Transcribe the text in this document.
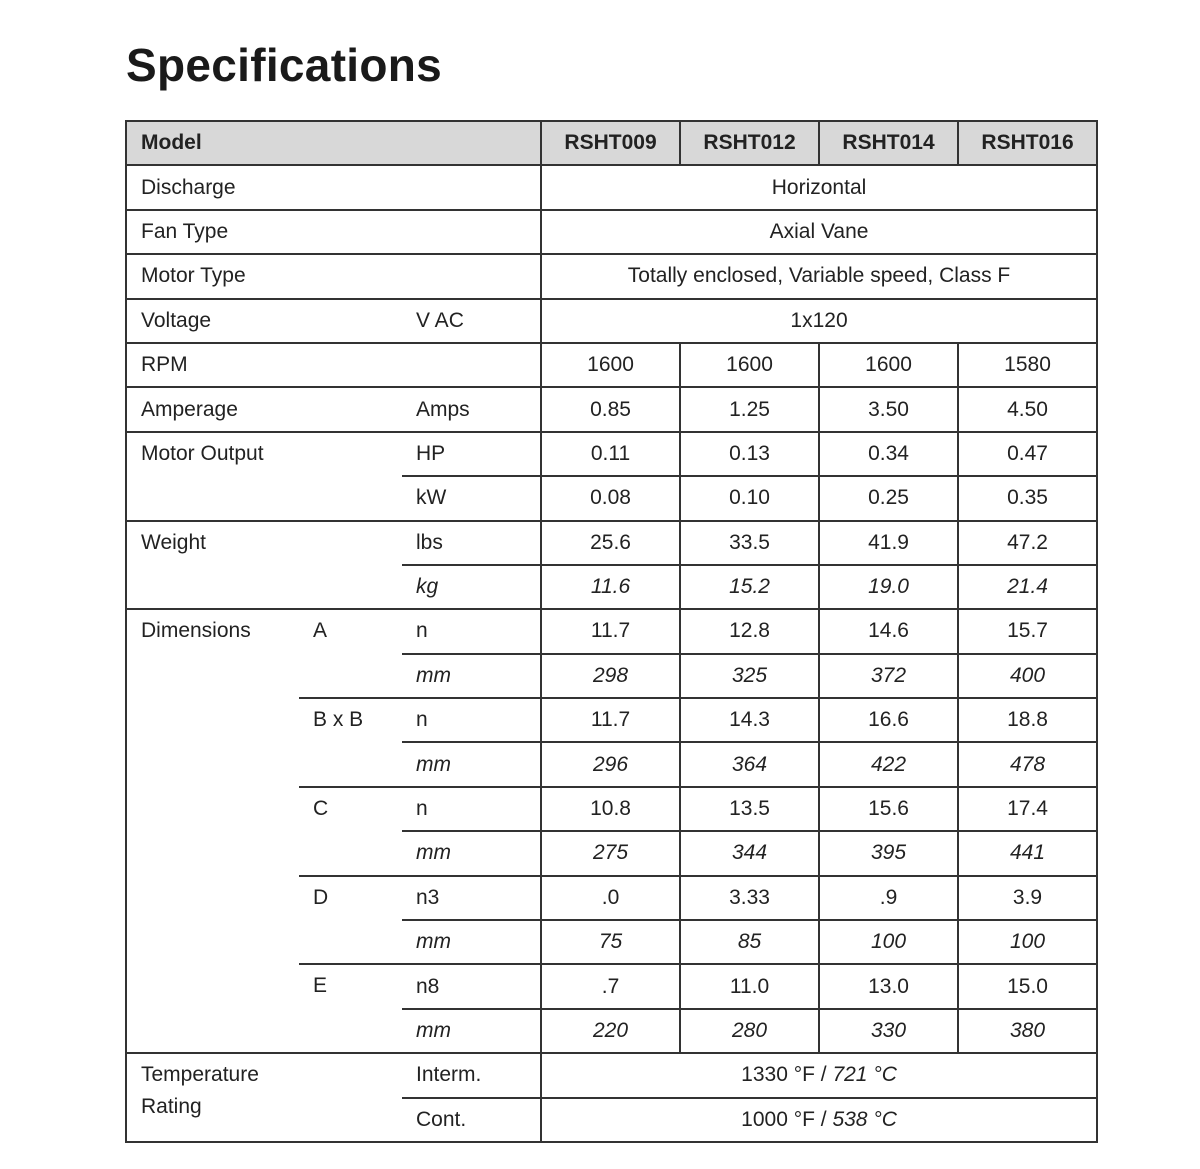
Specifications
Model			RSHT009	RSHT012	RSHT014	RSHT016
Discharge			Horizontal			
Fan Type			Axial Vane			
Motor Type			Totally enclosed, Variable speed, Class F			
Voltage		V AC	1x120			
RPM			1600	1600	1600	1580
Amperage		Amps	0.85	1.25	3.50	4.50
Motor Output		HP	0.11	0.13	0.34	0.47
		kW	0.08	0.10	0.25	0.35
Weight		lbs	25.6	33.5	41.9	47.2
		kg	11.6	15.2	19.0	21.4
Dimensions	A	n	11.7	12.8	14.6	15.7
		mm	298	325	372	400
	B x B	n	11.7	14.3	16.6	18.8
		mm	296	364	422	478
	C	n	10.8	13.5	15.6	17.4
		mm	275	344	395	441
	D	n3	.0	3.33	.9	3.9
		mm	75	85	100	100
	E	n8	.7	11.0	13.0	15.0
		mm	220	280	330	380

Temperature
Rating		Interm.	1330 °F / 721 °C			
		Cont.	1000 °F / 538 °C			
